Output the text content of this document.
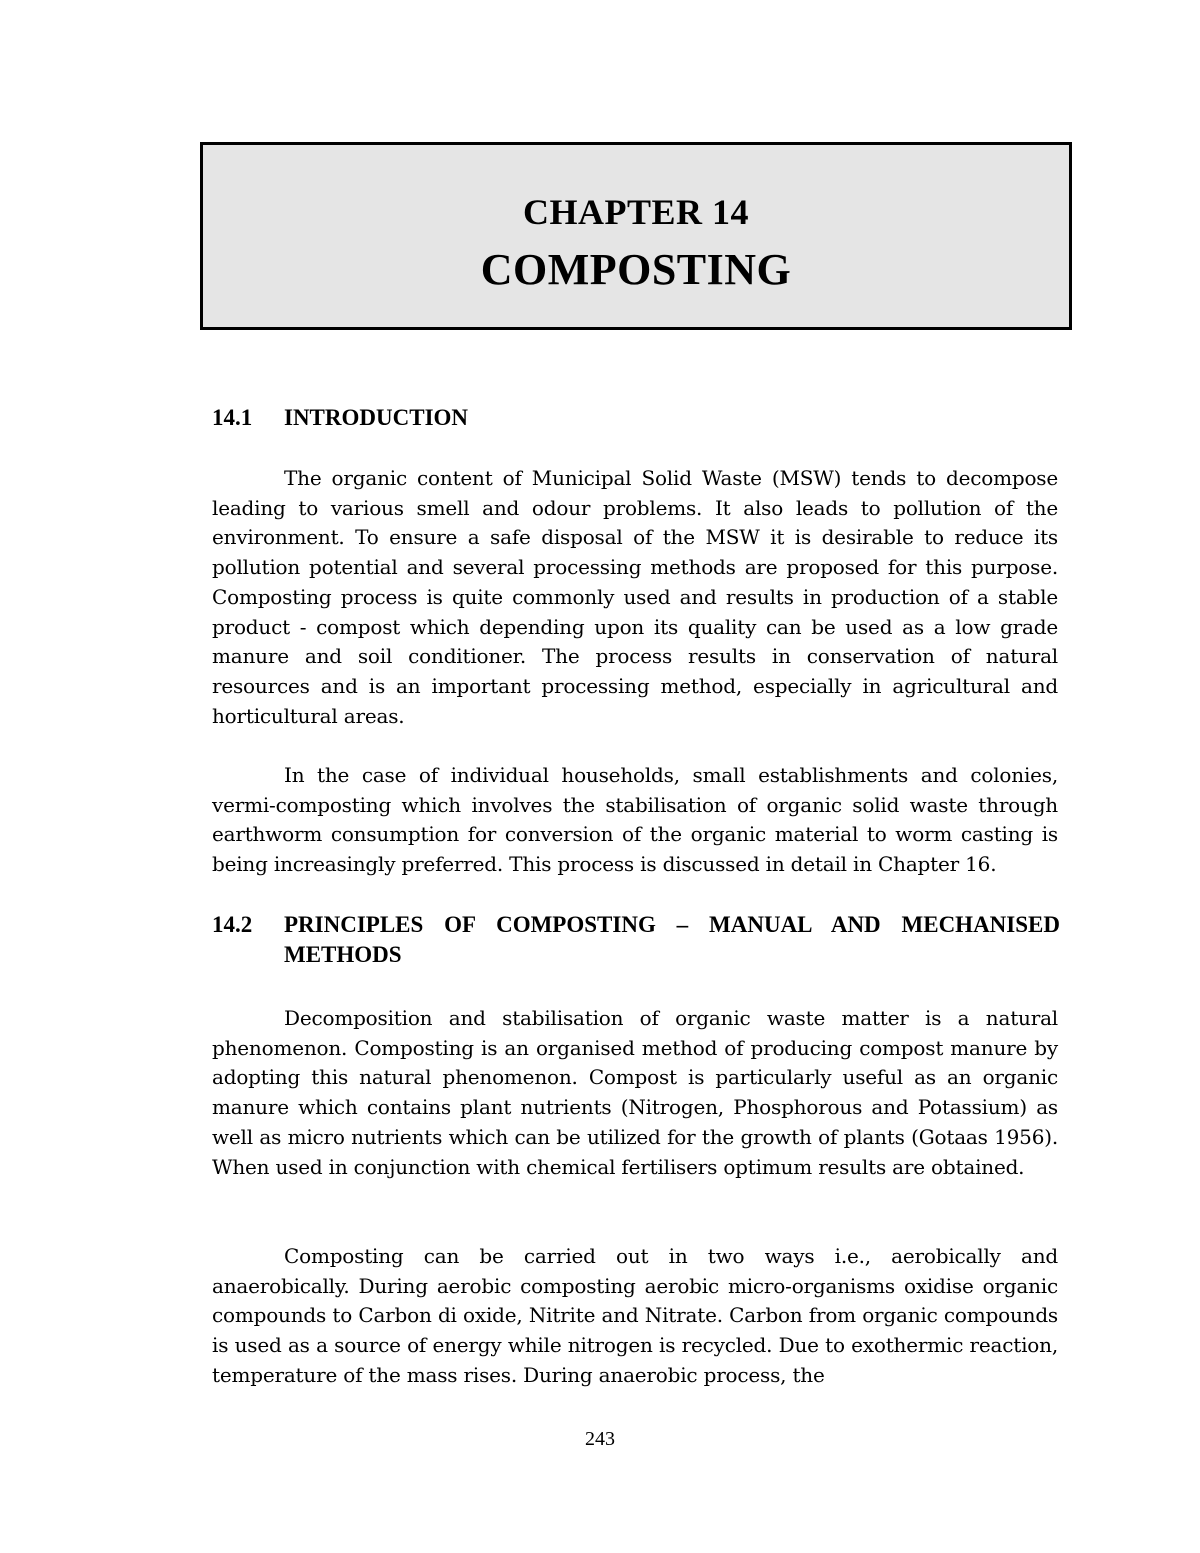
CHAPTER 14
COMPOSTING
14.1 INTRODUCTION

The organic content of Municipal Solid Waste (MSW) tends to decompose leading to various smell and odour problems. It also leads to pollution of the environment. To ensure a safe disposal of the MSW it is desirable to reduce its pollution potential and several processing methods are proposed for this purpose. Composting process is quite commonly used and results in production of a stable product - compost which depending upon its quality can be used as a low grade manure and soil conditioner. The process results in conservation of natural resources and is an important processing method, especially in agricultural and horticultural areas.

In the case of individual households, small establishments and colonies, vermi-composting which involves the stabilisation of organic solid waste through earthworm consumption for conversion of the organic material to worm casting is being increasingly preferred. This process is discussed in detail in Chapter 16.

14.2 PRINCIPLES OF COMPOSTING – MANUAL AND MECHANISED METHODS

Decomposition and stabilisation of organic waste matter is a natural phenomenon. Composting is an organised method of producing compost manure by adopting this natural phenomenon. Compost is particularly useful as an organic manure which contains plant nutrients (Nitrogen, Phosphorous and Potassium) as well as micro nutrients which can be utilized for the growth of plants (Gotaas 1956). When used in conjunction with chemical fertilisers optimum results are obtained.

Composting can be carried out in two ways i.e., aerobically and anaerobically. During aerobic composting aerobic micro-organisms oxidise organic compounds to Carbon di oxide, Nitrite and Nitrate. Carbon from organic compounds is used as a source of energy while nitrogen is recycled. Due to exothermic reaction, temperature of the mass rises. During anaerobic process, the

243
